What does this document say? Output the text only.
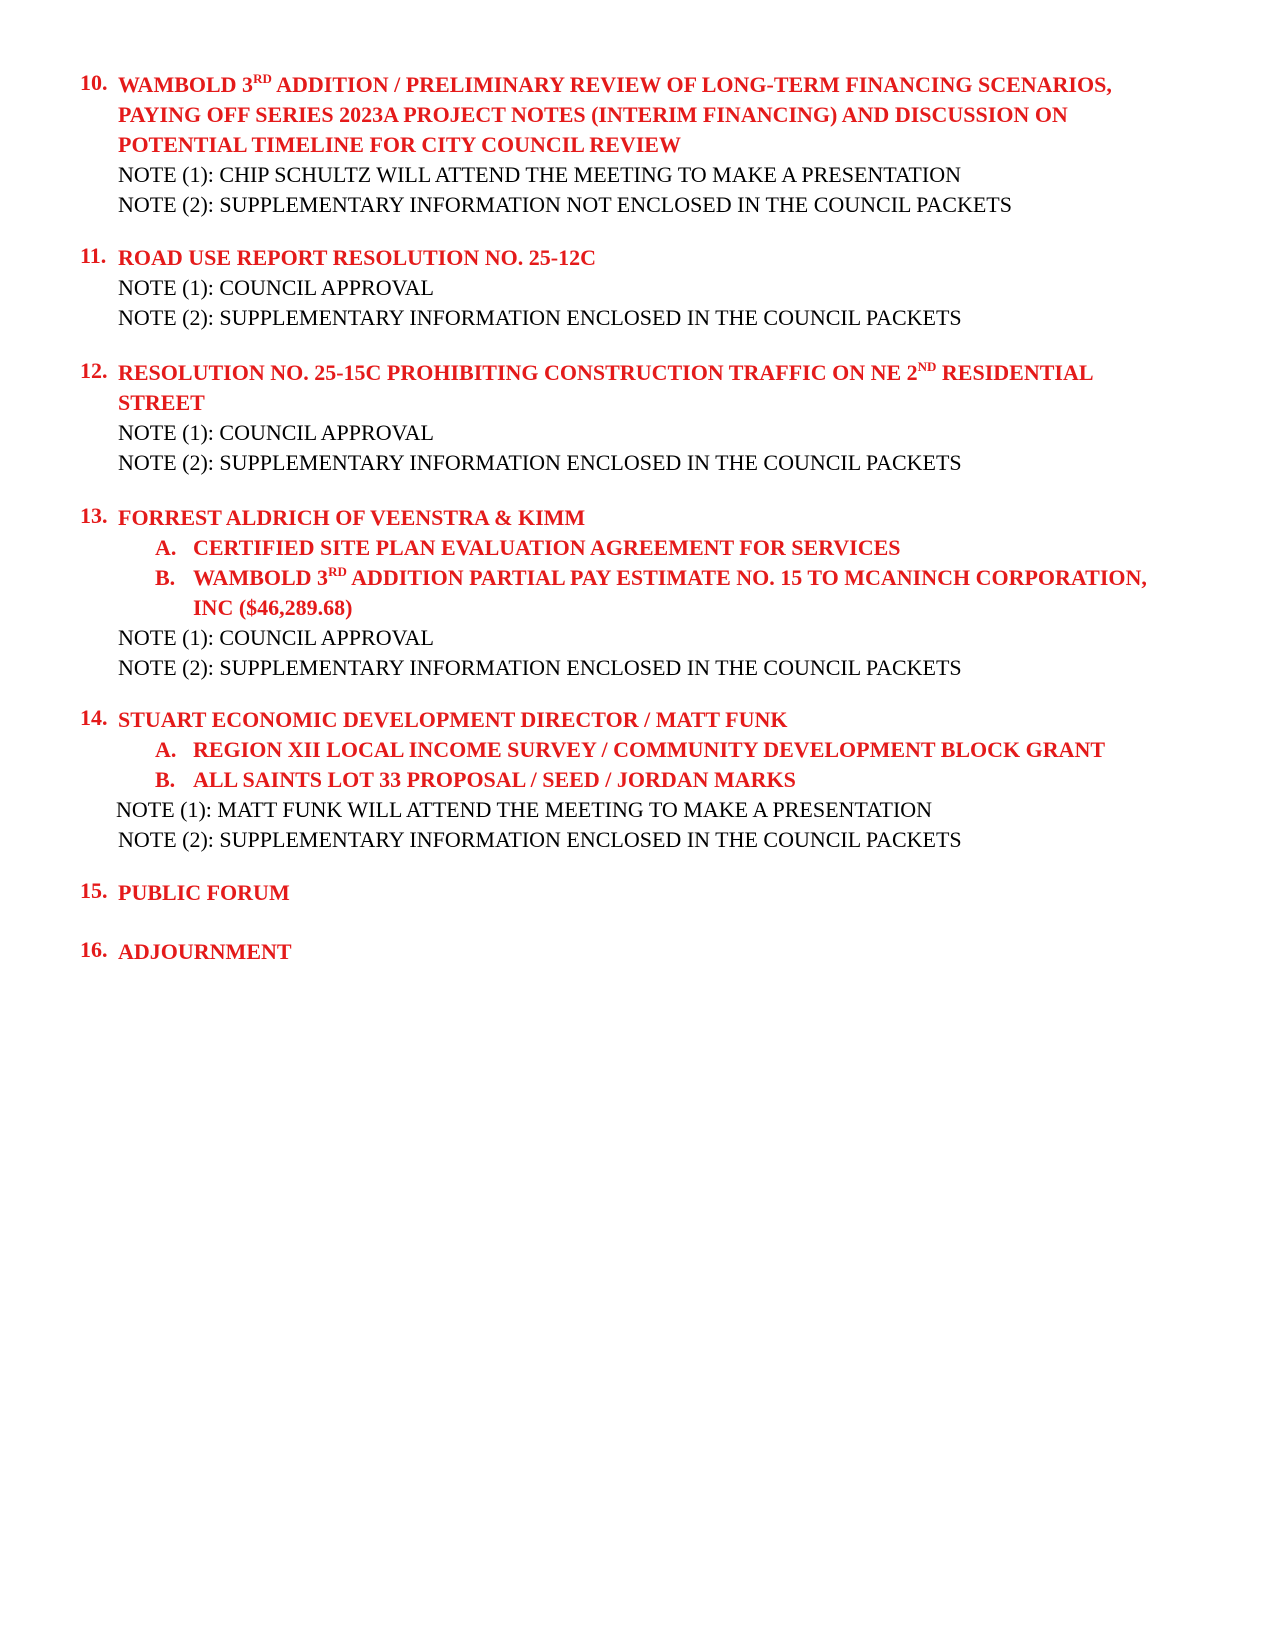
10. WAMBOLD 3RD ADDITION / PRELIMINARY REVIEW OF LONG-TERM FINANCING SCENARIOS,
PAYING OFF SERIES 2023A PROJECT NOTES (INTERIM FINANCING) AND DISCUSSION ON
POTENTIAL TIMELINE FOR CITY COUNCIL REVIEW
NOTE (1): CHIP SCHULTZ WILL ATTEND THE MEETING TO MAKE A PRESENTATION
NOTE (2): SUPPLEMENTARY INFORMATION NOT ENCLOSED IN THE COUNCIL PACKETS
11. ROAD USE REPORT RESOLUTION NO. 25-12C
NOTE (1): COUNCIL APPROVAL
NOTE (2): SUPPLEMENTARY INFORMATION ENCLOSED IN THE COUNCIL PACKETS
12. RESOLUTION NO. 25-15C PROHIBITING CONSTRUCTION TRAFFIC ON NE 2ND RESIDENTIAL
STREET
NOTE (1): COUNCIL APPROVAL
NOTE (2): SUPPLEMENTARY INFORMATION ENCLOSED IN THE COUNCIL PACKETS
13. FORREST ALDRICH OF VEENSTRA & KIMM
A. CERTIFIED SITE PLAN EVALUATION AGREEMENT FOR SERVICES
B. WAMBOLD 3RD ADDITION PARTIAL PAY ESTIMATE NO. 15 TO MCANINCH CORPORATION,
INC ($46,289.68)
NOTE (1): COUNCIL APPROVAL
NOTE (2): SUPPLEMENTARY INFORMATION ENCLOSED IN THE COUNCIL PACKETS
14. STUART ECONOMIC DEVELOPMENT DIRECTOR / MATT FUNK
A. REGION XII LOCAL INCOME SURVEY / COMMUNITY DEVELOPMENT BLOCK GRANT
B. ALL SAINTS LOT 33 PROPOSAL / SEED / JORDAN MARKS
NOTE (1): MATT FUNK WILL ATTEND THE MEETING TO MAKE A PRESENTATION
NOTE (2): SUPPLEMENTARY INFORMATION ENCLOSED IN THE COUNCIL PACKETS
15. PUBLIC FORUM
16. ADJOURNMENT
